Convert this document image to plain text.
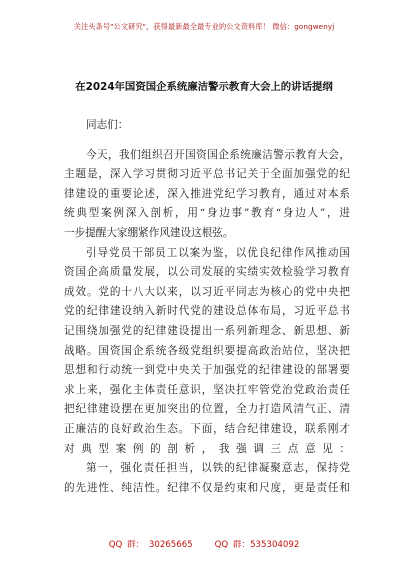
关注头条号"公文研究"，获得最新最全最专业的公文资料库！ 微信：gongwenyj
在2024年国资国企系统廉洁警示教育大会上的讲话提纲
同志们：
今天，我们组织召开国资国企系统廉洁警示教育大会，
主题是，深入学习贯彻习近平总书记关于全面加强党的纪
律建设的重要论述，深入推进党纪学习教育，通过对本系
统典型案例深入剖析，用“身边事”教育“身边人”，进
一步提醒大家绷紧作风建设这根弦。
引导党员干部员工以案为鉴，以优良纪律作风推动国
资国企高质量发展，以公司发展的实绩实效检验学习教育
成效。党的十八大以来，以习近平同志为核心的党中央把
党的纪律建设纳入新时代党的建设总体布局，习近平总书
记围绕加强党的纪律建设提出一系列新理念、新思想、新
战略。国资国企系统各级党组织要提高政治站位，坚决把
思想和行动统一到党中央关于加强党的纪律建设的部署要
求上来，强化主体责任意识，坚决扛牢管党治党政治责任
把纪律建设摆在更加突出的位置，全力打造风清气正、清
正廉洁的良好政治生态。下面，结合纪律建设，联系刚才
对典型案例的剖析，我强调三点意见：
第一，强化责任担当，以铁的纪律凝聚意志，保持党
的先进性、纯洁性。纪律不仅是约束和尺度，更是责任和
QQ 群： 30265665	QQ 群：535304092
